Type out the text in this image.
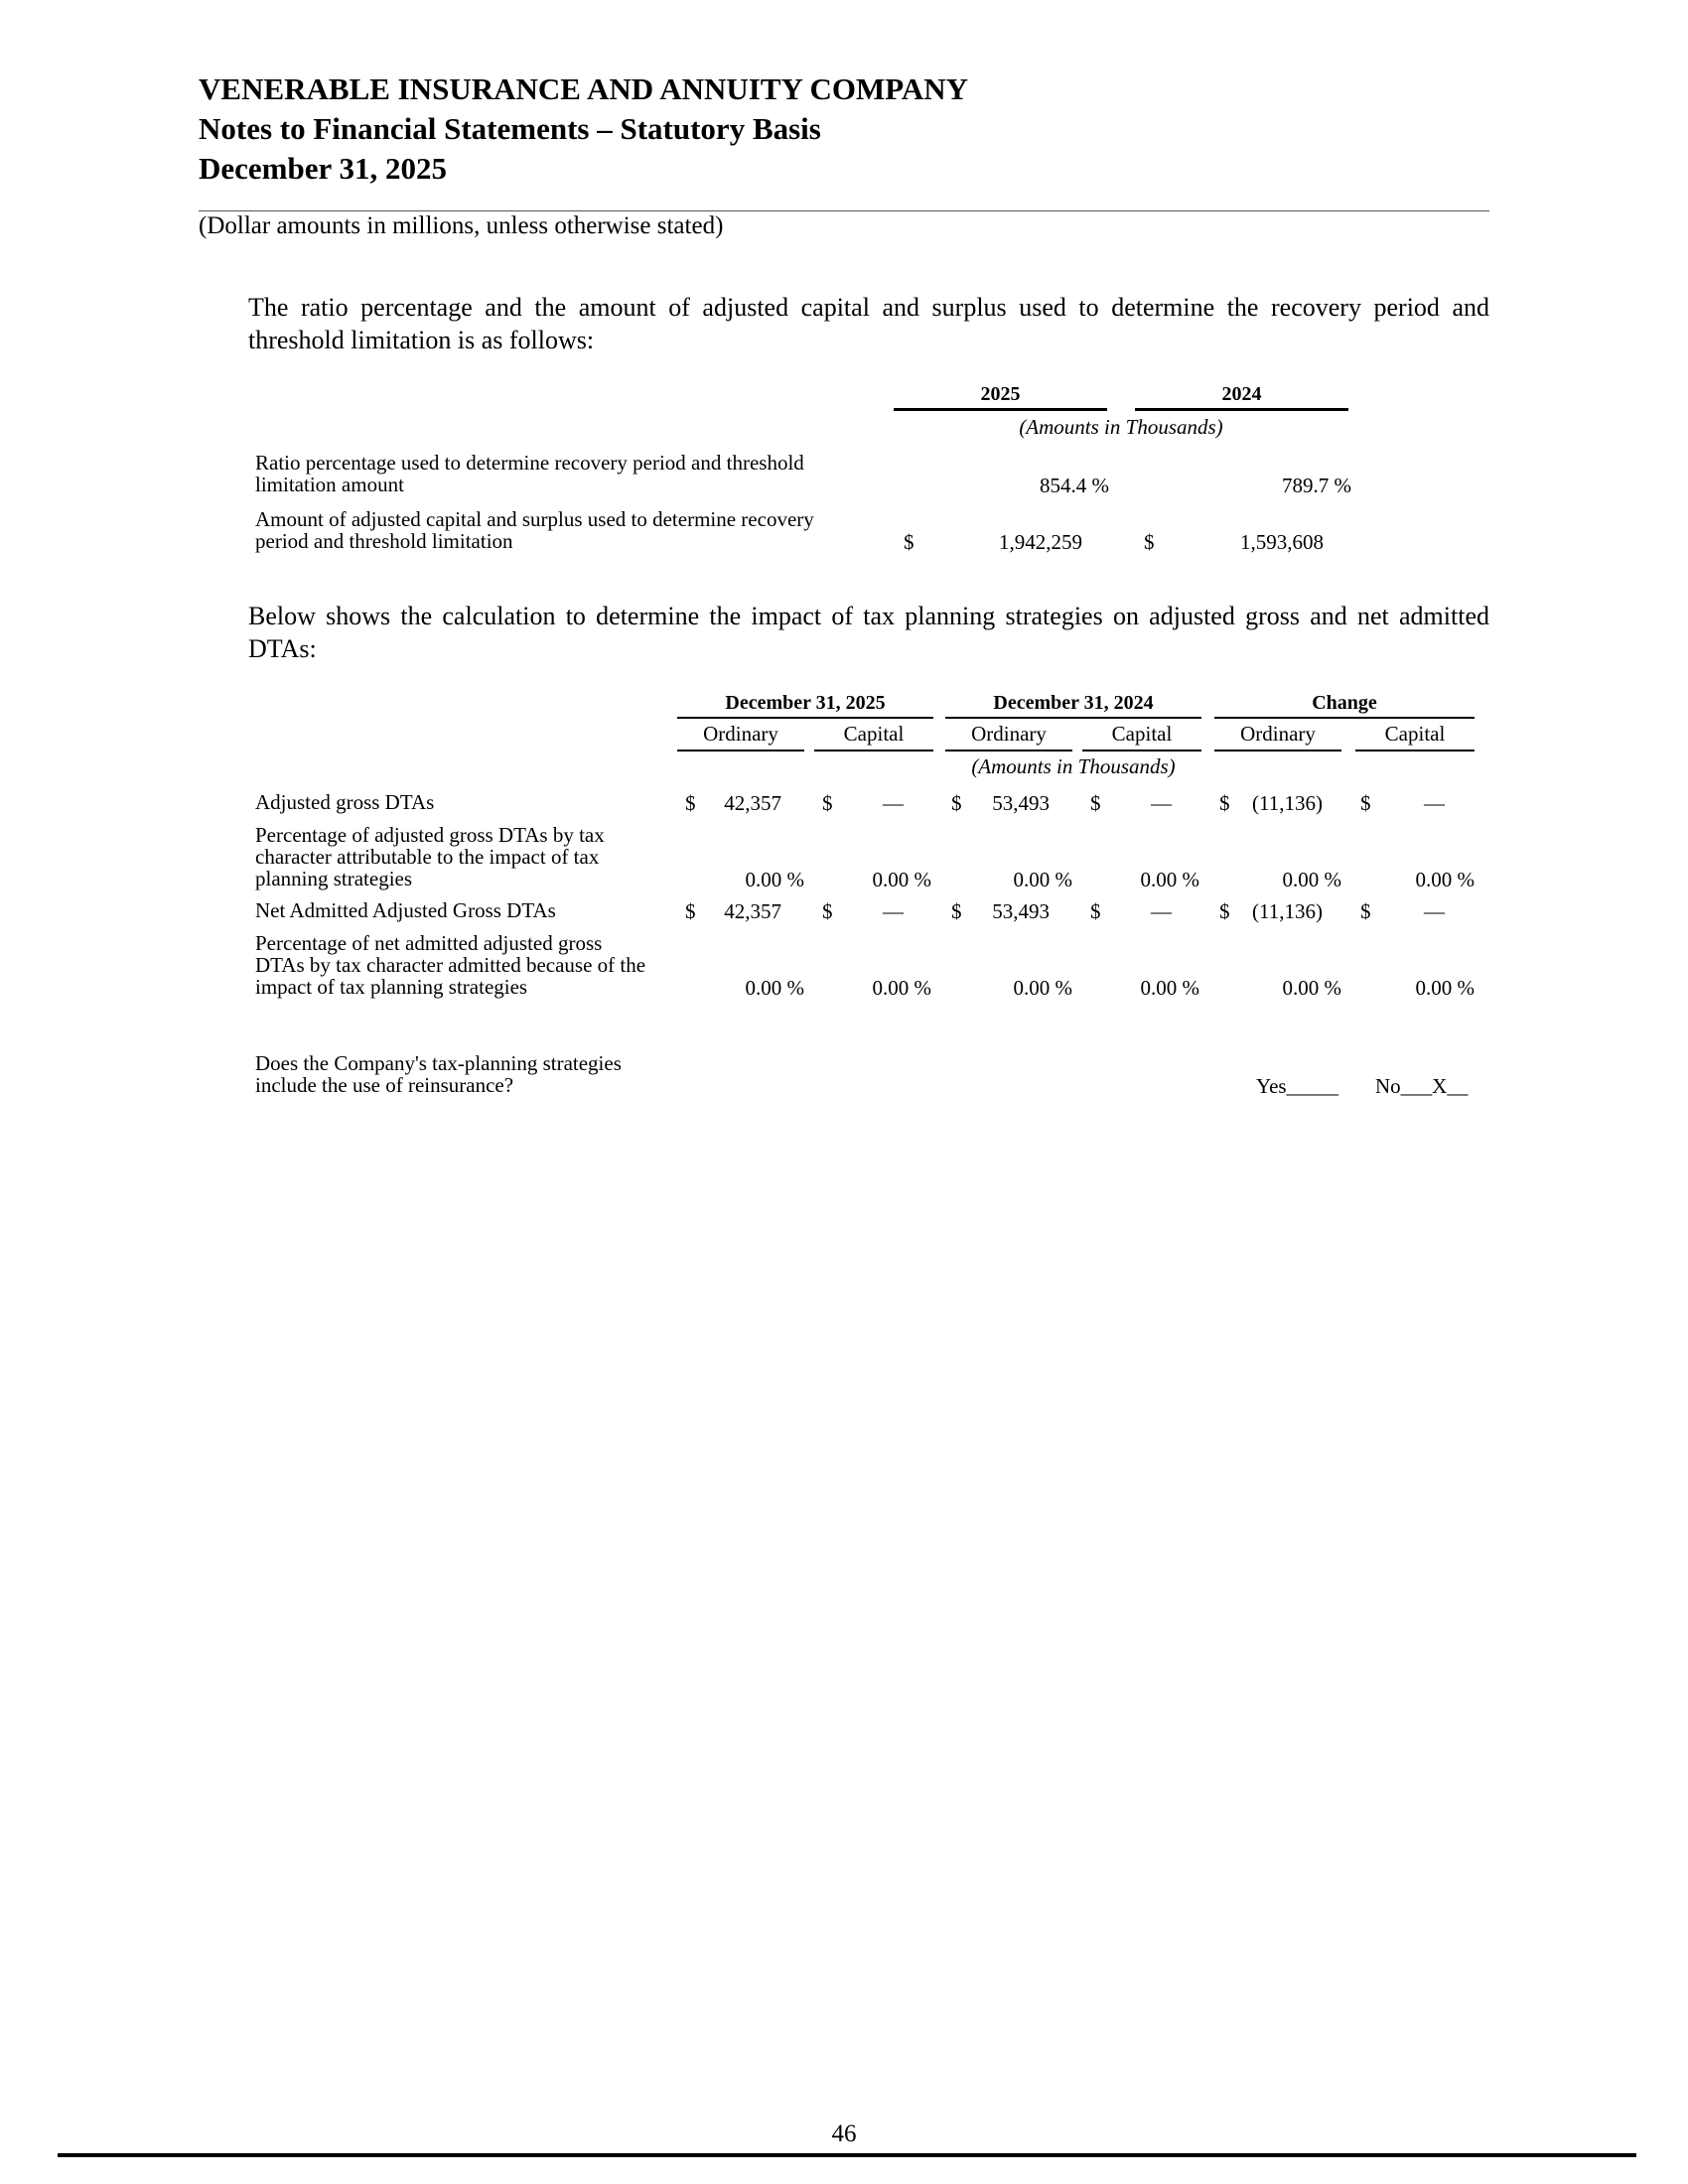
VENERABLE INSURANCE AND ANNUITY COMPANY
Notes to Financial Statements – Statutory Basis
December 31, 2025
(Dollar amounts in millions, unless otherwise stated)
The ratio percentage and the amount of adjusted capital and surplus used to determine the recovery period and threshold limitation is as follows:
2025	2024
(Amounts in Thousands)
Ratio percentage used to determine recovery period and threshold limitation amount	854.4 %	789.7 %
Amount of adjusted capital and surplus used to determine recovery period and threshold limitation	$	1,942,259	$	1,593,608
Below shows the calculation to determine the impact of tax planning strategies on adjusted gross and net admitted DTAs:
December 31, 2025	December 31, 2024	Change
Ordinary	Capital	Ordinary	Capital	Ordinary	Capital
(Amounts in Thousands)
Adjusted gross DTAs	$	42,357 $	— $	53,493 $	— $	(11,136) $	—
Percentage of adjusted gross DTAs by tax character attributable to the impact of tax planning strategies	0.00 %	0.00 %	0.00 %	0.00 %	0.00 %	0.00 %
Net Admitted Adjusted Gross DTAs	$	42,357 $	— $	53,493 $	— $	(11,136) $	—
Percentage of net admitted adjusted gross DTAs by tax character admitted because of the impact of tax planning strategies	0.00 %	0.00 %	0.00 %	0.00 %	0.00 %	0.00 %
Does the Company's tax-planning strategies include the use of reinsurance?	Yes_____ No___X__
46
